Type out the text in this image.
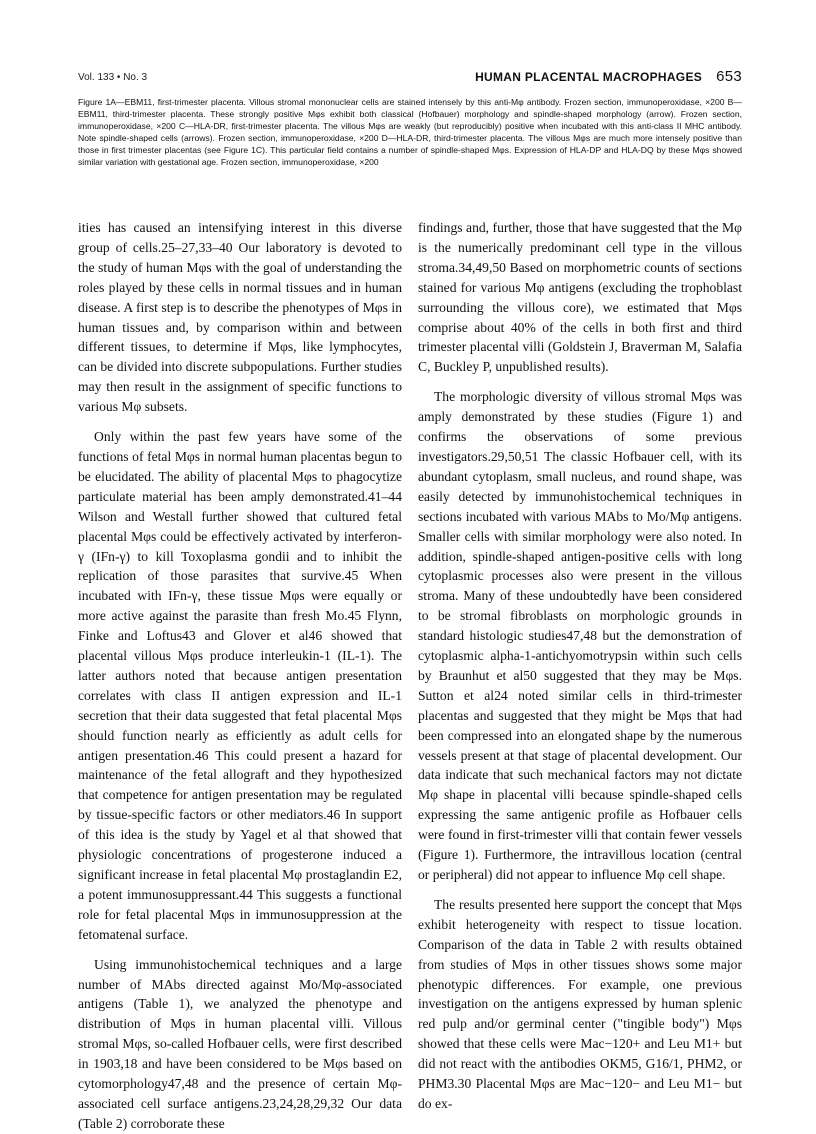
Vol. 133 • No. 3	HUMAN PLACENTAL MACROPHAGES 653

Figure 1A—EBM11, first-trimester placenta. Villous stromal mononuclear cells are stained intensely by this anti-Mφ antibody. Frozen section, immunoperoxidase, ×200 B—EBM11, third-trimester placenta. These strongly positive Mφs exhibit both classical (Hofbauer) morphology and spindle-shaped morphology (arrow). Frozen section, immunoperoxidase, ×200 C—HLA-DR, first-trimester placenta. The villous Mφs are weakly (but reproducibly) positive when incubated with this anti-class II MHC antibody. Note spindle-shaped cells (arrows). Frozen section, immunoperoxidase, ×200 D—HLA-DR, third-trimester placenta. The villous Mφs are much more intensely positive than those in first trimester placentas (see Figure 1C). This particular field contains a number of spindle-shaped Mφs. Expression of HLA-DP and HLA-DQ by these Mφs showed similar variation with gestational age. Frozen section, immunoperoxidase, ×200

ities has caused an intensifying interest in this diverse group of cells.25–27,33–40 Our laboratory is devoted to the study of human Mφs with the goal of understanding the roles played by these cells in normal tissues and in human disease. A first step is to describe the phenotypes of Mφs in human tissues and, by comparison within and between different tissues, to determine if Mφs, like lymphocytes, can be divided into discrete subpopulations. Further studies may then result in the assignment of specific functions to various Mφ subsets.

Only within the past few years have some of the functions of fetal Mφs in normal human placentas begun to be elucidated. The ability of placental Mφs to phagocytize particulate material has been amply demonstrated.41–44 Wilson and Westall further showed that cultured fetal placental Mφs could be effectively activated by interferon-γ (IFn-γ) to kill Toxoplasma gondii and to inhibit the replication of those parasites that survive.45 When incubated with IFn-γ, these tissue Mφs were equally or more active against the parasite than fresh Mo.45 Flynn, Finke and Loftus43 and Glover et al46 showed that placental villous Mφs produce interleukin-1 (IL-1). The latter authors noted that because antigen presentation correlates with class II antigen expression and IL-1 secretion that their data suggested that fetal placental Mφs should function nearly as efficiently as adult cells for antigen presentation.46 This could present a hazard for maintenance of the fetal allograft and they hypothesized that competence for antigen presentation may be regulated by tissue-specific factors or other mediators.46 In support of this idea is the study by Yagel et al that showed that physiologic concentrations of progesterone induced a significant increase in fetal placental Mφ prostaglandin E2, a potent immunosuppressant.44 This suggests a functional role for fetal placental Mφs in immunosuppression at the fetomatenal surface.

Using immunohistochemical techniques and a large number of MAbs directed against Mo/Mφ-associated antigens (Table 1), we analyzed the phenotype and distribution of Mφs in human placental villi. Villous stromal Mφs, so-called Hofbauer cells, were first described in 1903,18 and have been considered to be Mφs based on cytomorphology47,48 and the presence of certain Mφ-associated cell surface antigens.23,24,28,29,32 Our data (Table 2) corroborate these

findings and, further, those that have suggested that the Mφ is the numerically predominant cell type in the villous stroma.34,49,50 Based on morphometric counts of sections stained for various Mφ antigens (excluding the trophoblast surrounding the villous core), we estimated that Mφs comprise about 40% of the cells in both first and third trimester placental villi (Goldstein J, Braverman M, Salafia C, Buckley P, unpublished results).

The morphologic diversity of villous stromal Mφs was amply demonstrated by these studies (Figure 1) and confirms the observations of some previous investigators.29,50,51 The classic Hofbauer cell, with its abundant cytoplasm, small nucleus, and round shape, was easily detected by immunohistochemical techniques in sections incubated with various MAbs to Mo/Mφ antigens. Smaller cells with similar morphology were also noted. In addition, spindle-shaped antigen-positive cells with long cytoplasmic processes also were present in the villous stroma. Many of these undoubtedly have been considered to be stromal fibroblasts on morphologic grounds in standard histologic studies47,48 but the demonstration of cytoplasmic alpha-1-antichyomotrypsin within such cells by Braunhut et al50 suggested that they may be Mφs. Sutton et al24 noted similar cells in third-trimester placentas and suggested that they might be Mφs that had been compressed into an elongated shape by the numerous vessels present at that stage of placental development. Our data indicate that such mechanical factors may not dictate Mφ shape in placental villi because spindle-shaped cells expressing the same antigenic profile as Hofbauer cells were found in first-trimester villi that contain fewer vessels (Figure 1). Furthermore, the intravillous location (central or peripheral) did not appear to influence Mφ cell shape.

The results presented here support the concept that Mφs exhibit heterogeneity with respect to tissue location. Comparison of the data in Table 2 with results obtained from studies of Mφs in other tissues shows some major phenotypic differences. For example, one previous investigation on the antigens expressed by human splenic red pulp and/or germinal center ("tingible body") Mφs showed that these cells were Mac−120+ and Leu M1+ but did not react with the antibodies OKM5, G16/1, PHM2, or PHM3.30 Placental Mφs are Mac−120− and Leu M1− but do ex-
